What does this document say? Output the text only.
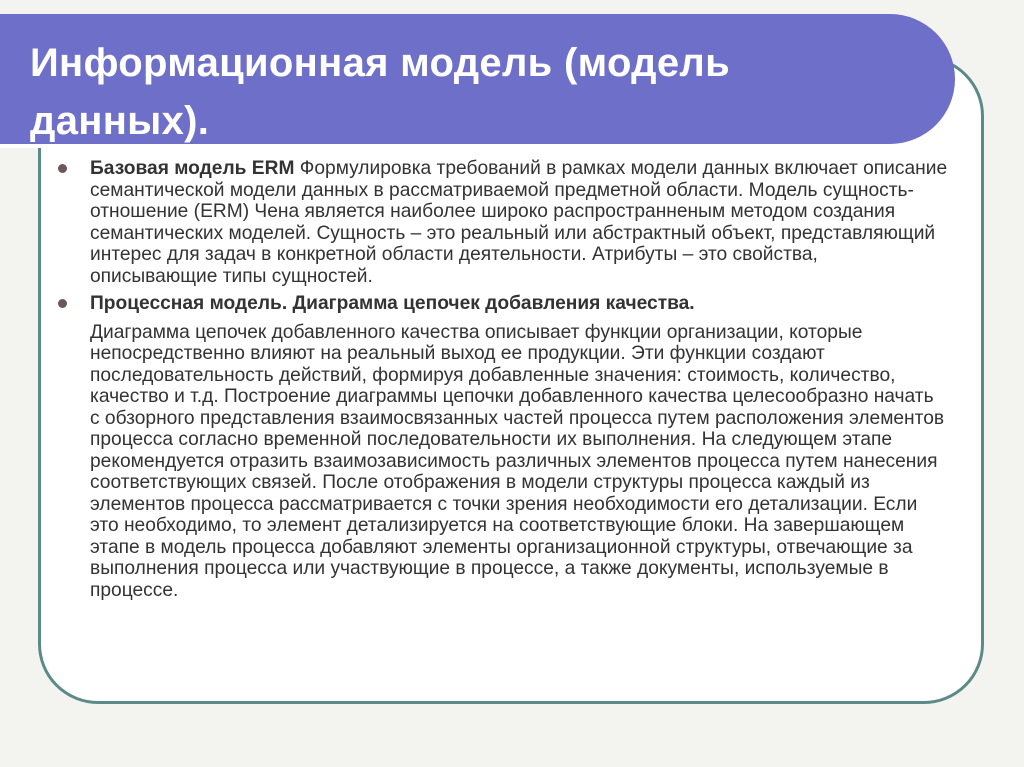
Информационная модель (модель данных).
Базовая модель ERM Формулировка требований в рамках модели данных включает описание семантической модели данных в рассматриваемой предметной области. Модель сущность-отношение (ERM) Чена является наиболее широко распространненым методом создания семантических моделей. Сущность – это реальный или абстрактный объект, представляющий интерес для задач в конкретной области деятельности. Атрибуты – это свойства, описывающие типы сущностей.
Процессная модель. Диаграмма цепочек добавления качества.
Диаграмма цепочек добавленного качества описывает функции организации, которые непосредственно влияют на реальный выход ее продукции. Эти функции создают последовательность действий, формируя добавленные значения: стоимость, количество, качество и т.д. Построение диаграммы цепочки добавленного качества целесообразно начать с обзорного представления взаимосвязанных частей процесса путем расположения элементов процесса согласно временной последовательности их выполнения. На следующем этапе рекомендуется отразить взаимозависимость различных элементов процесса путем нанесения соответствующих связей. После отображения в модели структуры процесса каждый из элементов процесса рассматривается с точки зрения необходимости его детализации. Если это необходимо, то элемент детализируется на соответствующие блоки. На завершающем этапе в модель процесса добавляют элементы организационной структуры, отвечающие за выполнения процесса или участвующие в процессе, а также документы, используемые в процессе.
